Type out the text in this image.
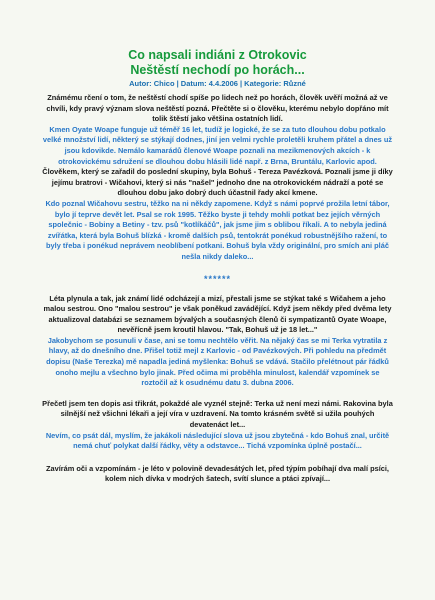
Co napsali indiáni z Otrokovic

Neštěstí nechodí po horách...

Autor: Chico | Datum: 4.4.2006 | Kategorie: Různé

Známému rčení o tom, že neštěstí chodí spíše po lidech než po horách, člověk uvěří možná až ve chvíli, kdy pravý význam slova neštěstí pozná. Přečtěte si o člověku, kterému nebylo dopřáno mít tolik štěstí jako většina ostatních lidí.

Kmen Oyate Woape funguje už téměř 16 let, tudíž je logické, že se za tuto dlouhou dobu potkalo velké množství lidí, některý se stýkají dodnes, jiní jen velmi rychle proletěli kruhem přátel a dnes už jsou kdovikde. Nemálo kamarádů členové Woape poznali na mezikmenových akcích - k otrokovickému sdružení se dlouhou dobu hlásili lidé např. z Brna, Bruntálu, Karlovic apod.

Člověkem, který se zařadil do poslední skupiny, byla Bohuš - Tereza Pavézková. Poznali jsme ji díky jejímu bratrovi - Wičahovi, který si nás "našel" jednoho dne na otrokovickém nádraží a poté se dlouhou dobu jako dobrý duch účastnil řady akcí kmene.

Kdo poznal Wičahovu sestru, těžko na ni někdy zapomene. Když s námi poprvé prožila letní tábor, bylo jí teprve devět let. Psal se rok 1995. Těžko byste ji tehdy mohli potkat bez jejích věrných společnic - Bobiny a Betiny - tzv. psů "kotlíkáčů", jak jsme jim s oblibou říkali. A to nebyla jediná zvířátka, která byla Bohuš blízká - kromě dalších psů, tentokrát ponékud robustnějšího ražení, to byly třeba i ponékud neprávem neoblíbení potkani. Bohuš byla vždy originální, pro smích ani pláč nešla nikdy daleko...

******

Léta plynula a tak, jak známí lidé odcházejí a mizí, přestali jsme se stýkat také s Wičahem a jeho malou sestrou. Ono "malou sestrou" je však poněkud zavádějící. Když jsem někdy před dvěma lety aktualizoval databázi se seznamem bývalých a současných členů či sympatizantů Oyate Woape, nevěřícně jsem kroutil hlavou. "Tak, Bohuš už je 18 let..."

Jakobychom se posunuli v čase, ani se tomu nechtělo věřit. Na nějaký čas se mi Terka vytratila z hlavy, až do dnešního dne. Přišel totiž mejl z Karlovic - od Pavézkových. Při pohledu na předmět dopisu (Naše Terezka) mě napadla jediná myšlenka: Bohuš se vdává. Stačilo přelétnout pár řádků onoho mejlu a všechno bylo jinak. Před očima mi proběhla minulost, kalendář vzpomínek se roztočil až k osudnému datu 3. dubna 2006.

Přečetl jsem ten dopis asi třikrát, pokaždé ale vyznél stejně: Terka už není mezi námi. Rakovina byla silnější než všichni lékaři a její víra v uzdravení. Na tomto krásném světě si užila pouhých devatenáct let...

Nevím, co psát dál, myslím, že jakákoli následující slova už jsou zbytečná - kdo Bohuš znal, určitě nemá chuť polykat další řádky, věty a odstavce... Tichá vzpomínka úplně postačí...

Zavírám oči a vzpomínám - je léto v polovině devadesátých let, před týpím pobíhají dva malí psíci, kolem nich dívka v modrých šatech, svítí slunce a ptáci zpívají...
